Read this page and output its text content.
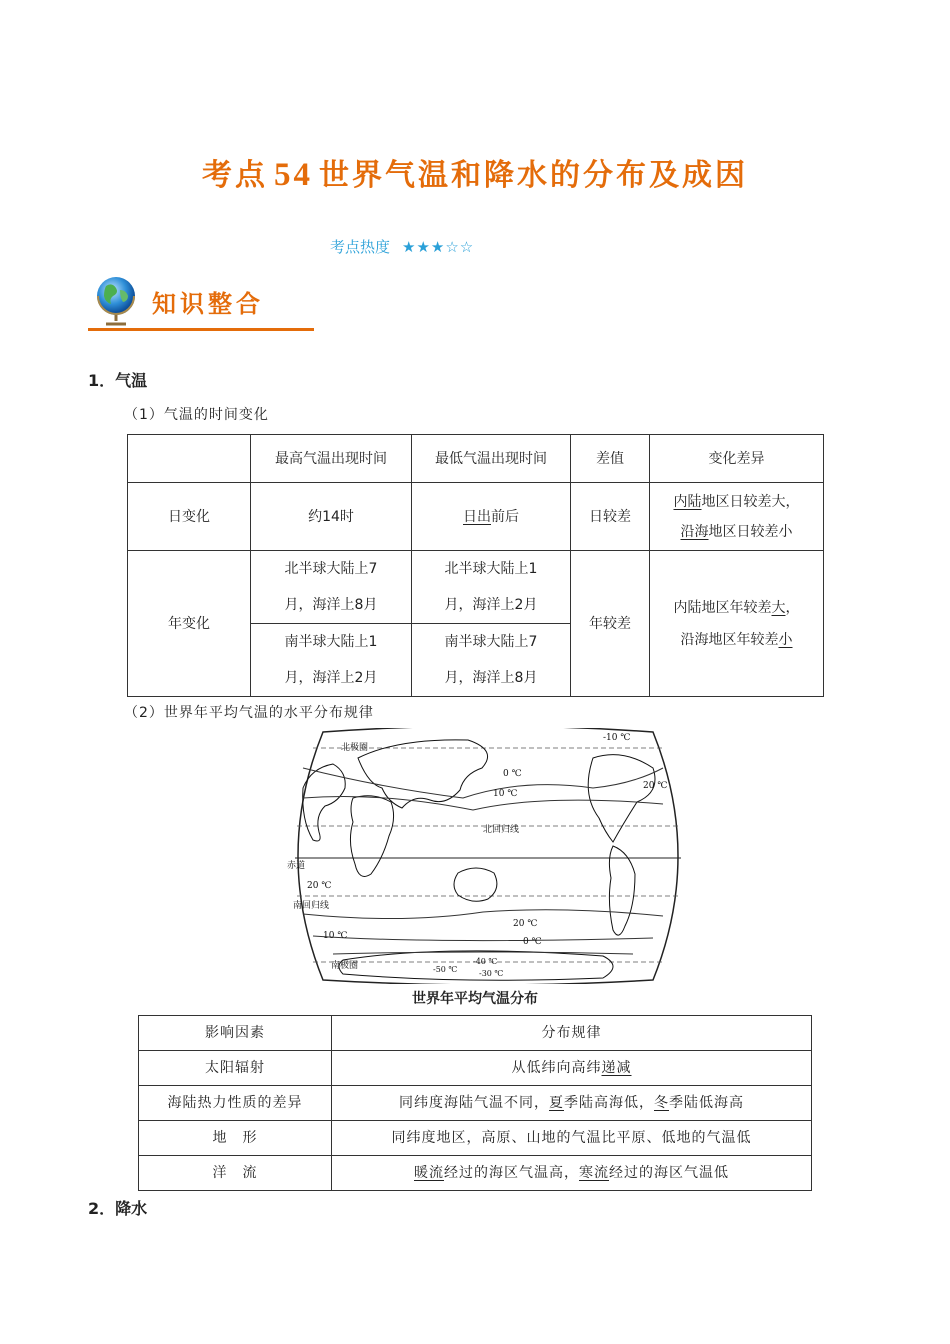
考点 54 世界气温和降水的分布及成因
考点热度 ★★★☆☆
知识整合
1．气温
（1）气温的时间变化
	最高气温出现时间	最低气温出现时间	差值	变化差异
日变化	约14时	日出前后	日较差	内陆地区日较差大，
沿海地区日较差小

年变化	北半球大陆上7月，海洋上8月	北半球大陆上1月，海洋上2月	年较差	内陆地区年较差大，
沿海地区年较差小

	南半球大陆上1月，海洋上2月	南半球大陆上7月，海洋上8月		
（2）世界年平均气温的水平分布规律
北极圈
北回归线
赤道
南回归线
南极圈
-10 ℃
0 ℃
10 ℃
20 ℃
20 ℃
20 ℃
10 ℃
0 ℃
-50 ℃
-40 ℃
-30 ℃
世界年平均气温分布
影响因素	分布规律
太阳辐射	从低纬向高纬递减
海陆热力性质的差异	同纬度海陆气温不同，夏季陆高海低，冬季陆低海高
地　形	同纬度地区，高原、山地的气温比平原、低地的气温低
洋　流	暖流经过的海区气温高，寒流经过的海区气温低
2．降水
